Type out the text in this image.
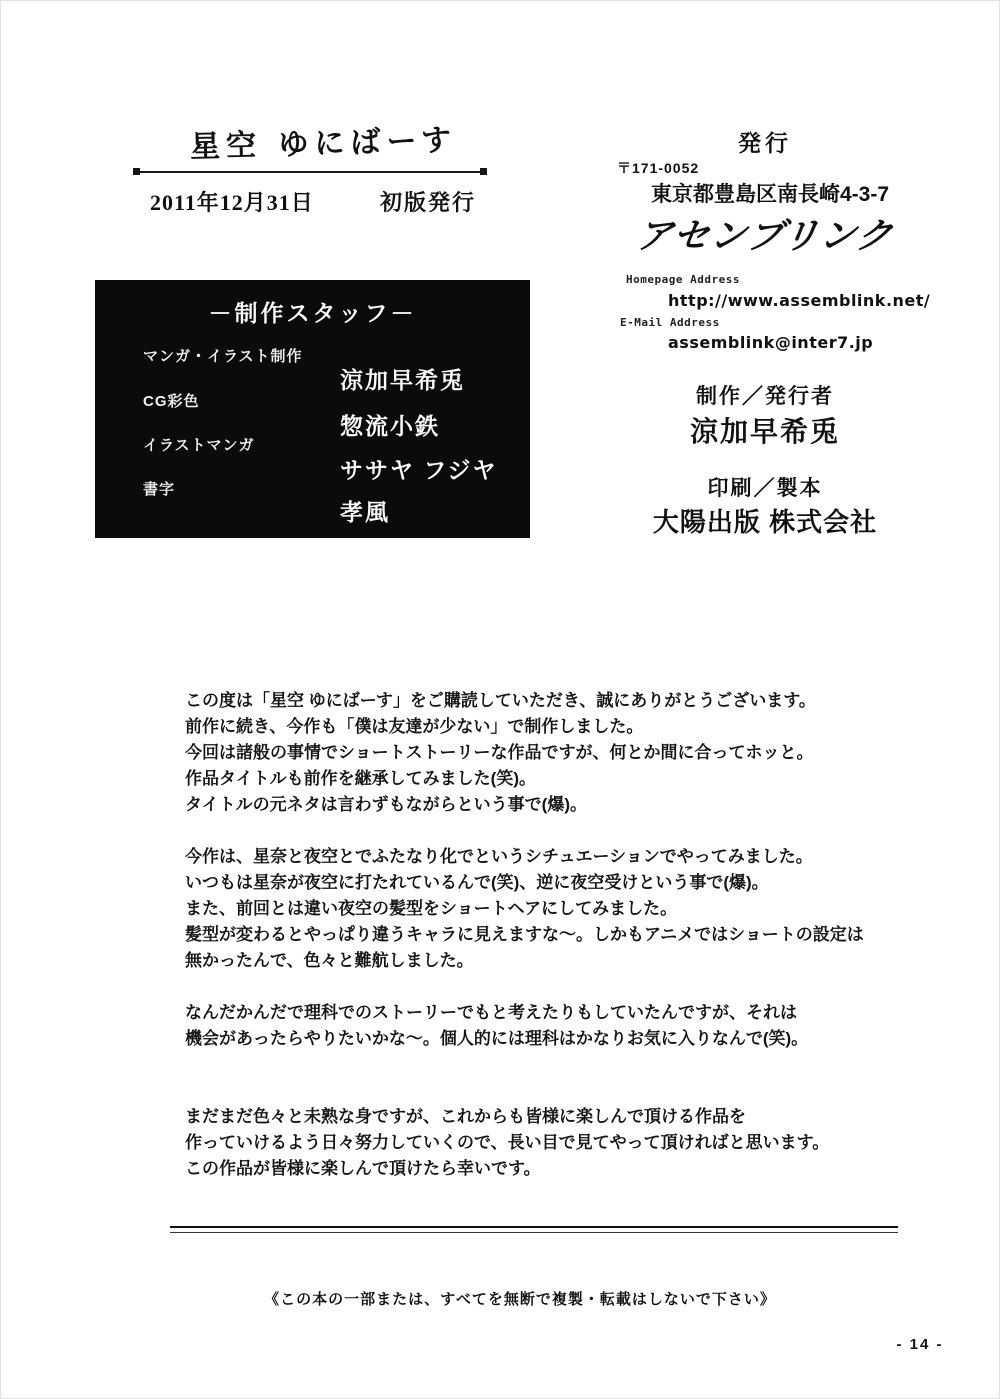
星空 ゆにばーす
2011年12月31日	初版発行
発行
〒171-0052
東京都豊島区南長崎4-3-7
アセンブリンク
Homepage Address
http://www.assemblink.net/
E-Mail Address
assemblink@inter7.jp
制作／発行者
涼加早希兎
印刷／製本
大陽出版 株式会社
－制作スタッフ－
マンガ・イラスト制作
涼加早希兎
CG彩色
惣流小鉄
イラストマンガ
ササヤ フジヤ
書字
孝風

この度は「星空 ゆにばーす」をご購読していただき、誠にありがとうございます。
前作に続き、今作も「僕は友達が少ない」で制作しました。
今回は諸般の事情でショートストーリーな作品ですが、何とか間に合ってホッと。
作品タイトルも前作を継承してみました(笑)。
タイトルの元ネタは言わずもながらという事で(爆)。

今作は、星奈と夜空とでふたなり化でというシチュエーションでやってみました。
いつもは星奈が夜空に打たれているんで(笑)、逆に夜空受けという事で(爆)。
また、前回とは違い夜空の髪型をショートヘアにしてみました。
髪型が変わるとやっぱり違うキャラに見えますな〜。しかもアニメではショートの設定は
無かったんで、色々と難航しました。

なんだかんだで理科でのストーリーでもと考えたりもしていたんですが、それは
機会があったらやりたいかな〜。個人的には理科はかなりお気に入りなんで(笑)。

まだまだ色々と未熟な身ですが、これからも皆様に楽しんで頂ける作品を
作っていけるよう日々努力していくので、長い目で見てやって頂ければと思います。
この作品が皆様に楽しんで頂けたら幸いです。

《この本の一部または、すべてを無断で複製・転載はしないで下さい》
- 14 -
